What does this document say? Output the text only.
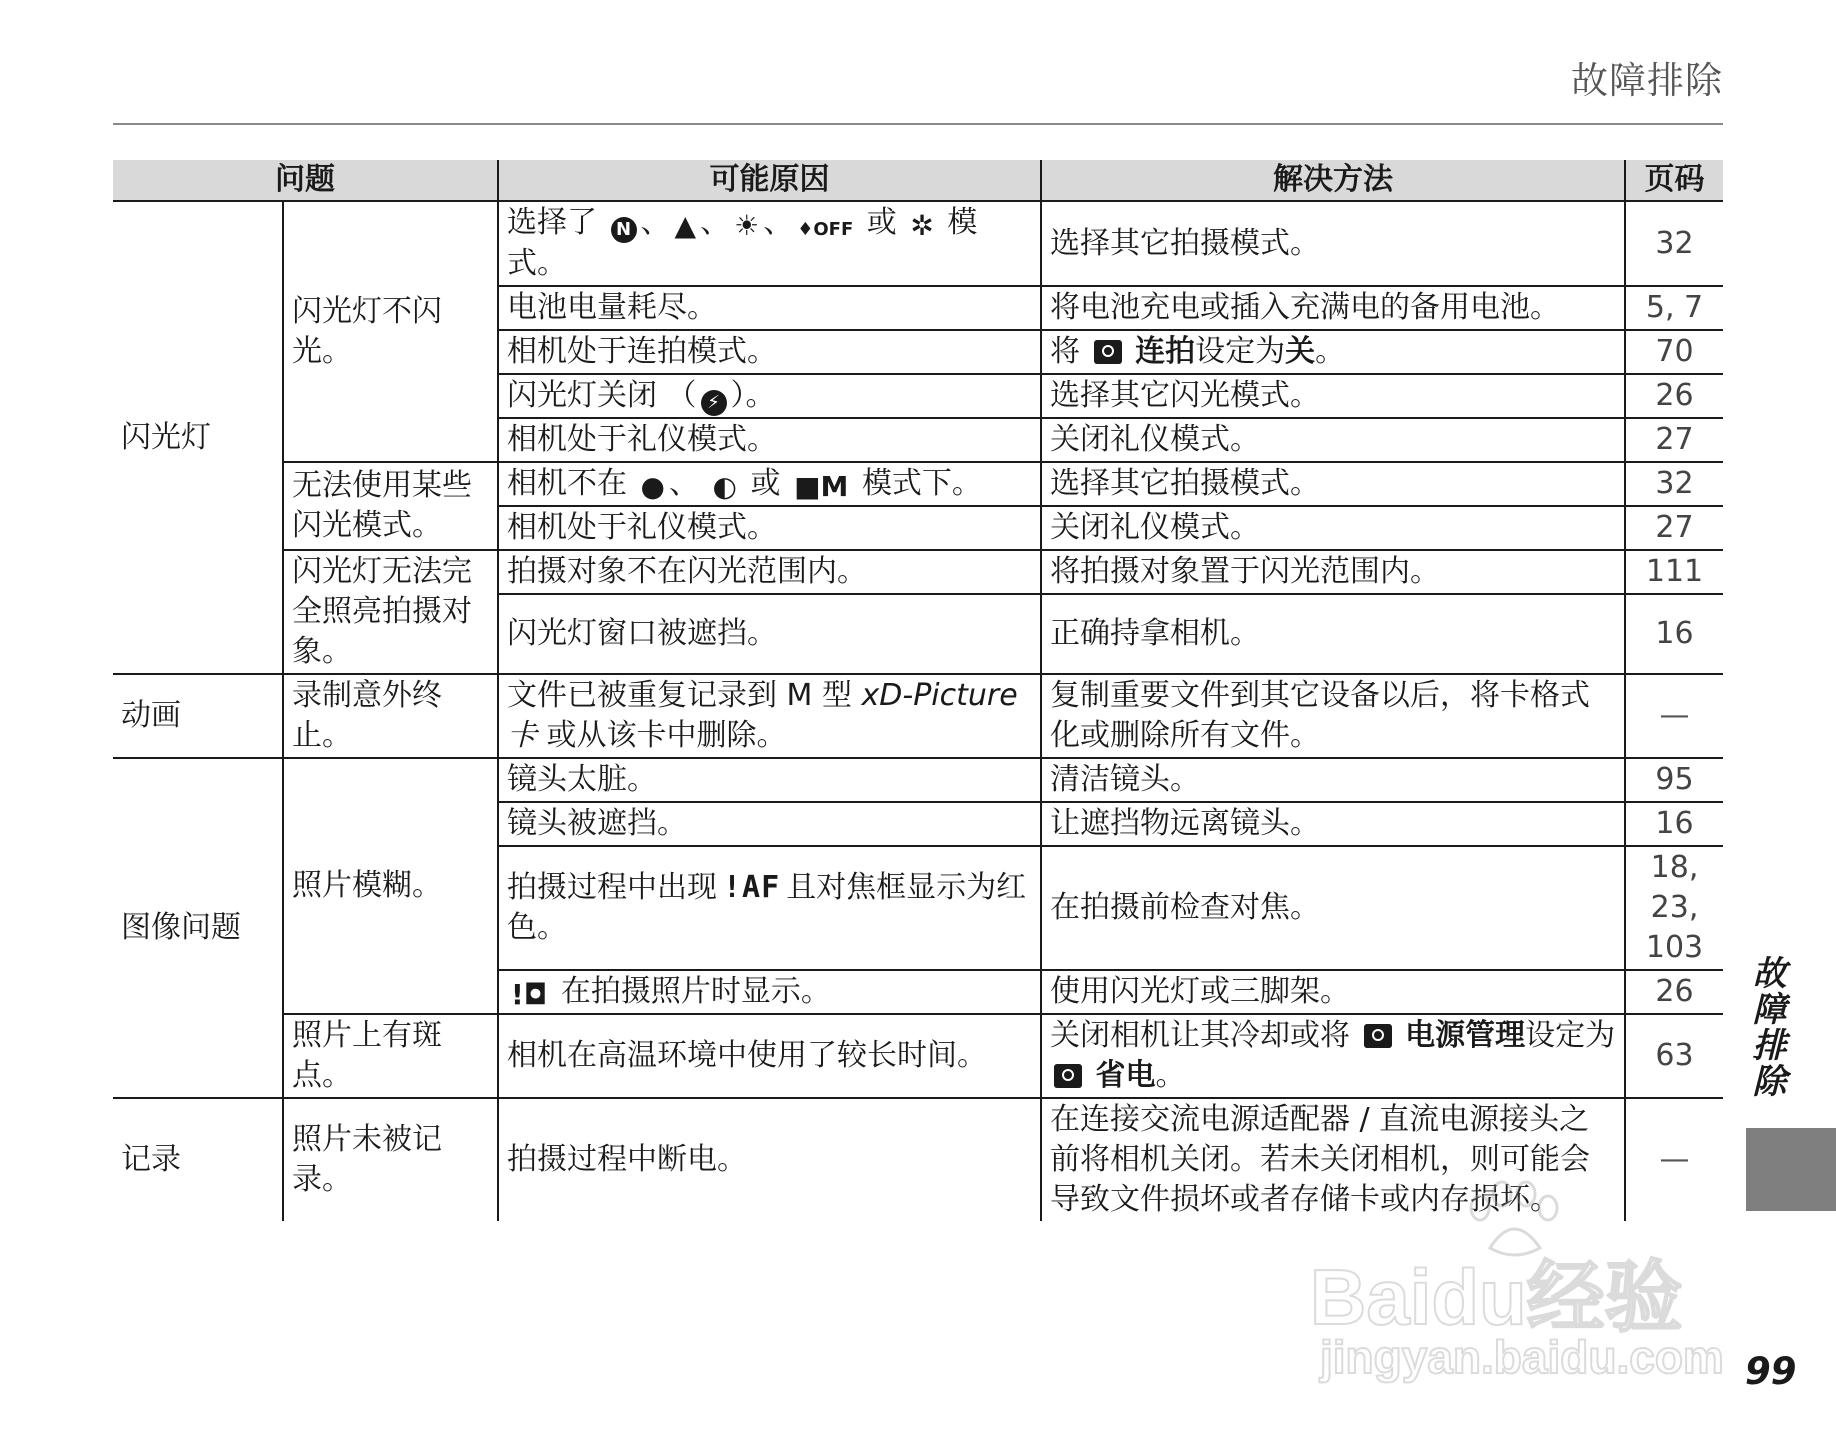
故障排除
问题		可能原因	解决方法	页码
闪光灯	闪光灯不闪光。	选择了 N 、 ▲ 、 ☀ 、 ♦OFF 或 ✲ 模式。	选择其它拍摄模式。	32
		电池电量耗尽。	将电池充电或插入充满电的备用电池。	5, 7
		相机处于连拍模式。	将 连拍设定为关。	70
		闪光灯关闭 （ ⚡ ）。	选择其它闪光模式。	26
		相机处于礼仪模式。	关闭礼仪模式。	27
	无法使用某些闪光模式。	相机不在 ● 、 ◐ 或 ■M 模式下。	选择其它拍摄模式。	32
		相机处于礼仪模式。	关闭礼仪模式。	27
	闪光灯无法完全照亮拍摄对象。	拍摄对象不在闪光范围内。	将拍摄对象置于闪光范围内。	111
		闪光灯窗口被遮挡。	正确持拿相机。	16
动画	录制意外终止。	文件已被重复记录到 M 型 xD-Picture 卡 或从该卡中删除。	复制重要文件到其它设备以后，将卡格式化或删除所有文件。	—
图像问题	照片模糊。	镜头太脏。	清洁镜头。	95
		镜头被遮挡。	让遮挡物远离镜头。	16
		拍摄过程中出现 !AF 且对焦框显示为红色。	在拍摄前检查对焦。	18,
23,
103

		!◘ 在拍摄照片时显示。	使用闪光灯或三脚架。	26
	照片上有斑点。	相机在高温环境中使用了较长时间。	关闭相机让其冷却或将 电源管理设定为  省电。	63
记录	照片未被记录。	拍摄过程中断电。	在连接交流电源适配器 / 直流电源接头之前将相机关闭。若未关闭相机，则可能会导致文件损坏或者存储卡或内存损坏。	—
故障排除
99
Baidu经验
jingyan.baidu.com
